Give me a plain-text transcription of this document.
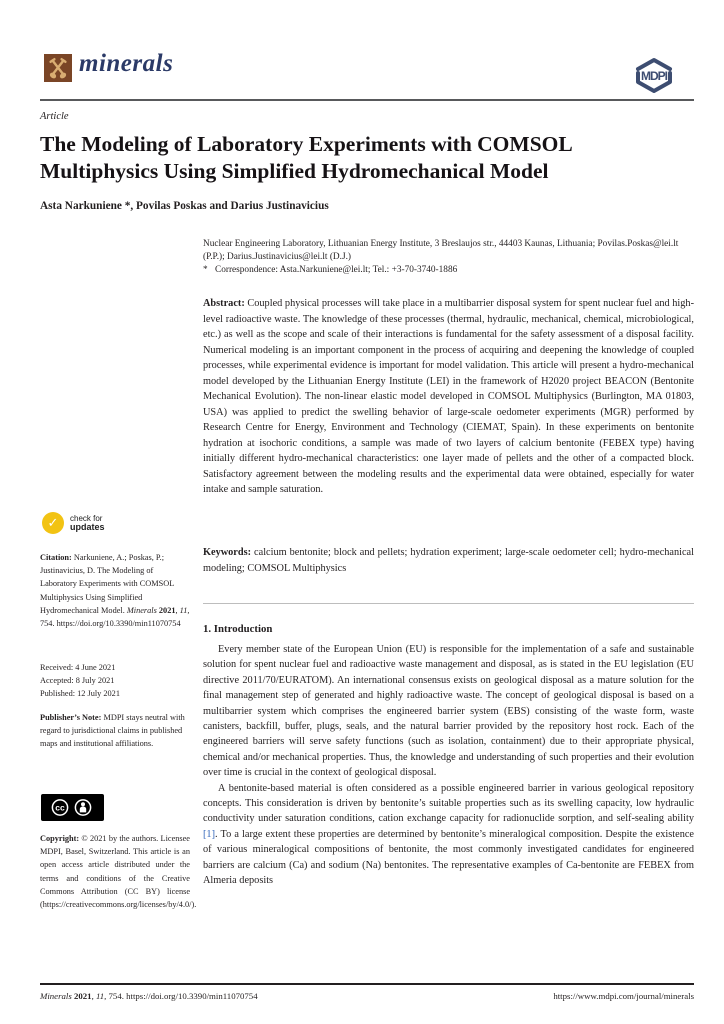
minerals	MDPI
Article
The Modeling of Laboratory Experiments with COMSOL Multiphysics Using Simplified Hydromechanical Model
Asta Narkuniene *, Povilas Poskas and Darius Justinavicius

Nuclear Engineering Laboratory, Lithuanian Energy Institute, 3 Breslaujos str., 44403 Kaunas, Lithuania; Povilas.Poskas@lei.lt (P.P.); Darius.Justinavicius@lei.lt (D.J.)

* Correspondence: Asta.Narkuniene@lei.lt; Tel.: +3-70-3740-1886
Abstract: Coupled physical processes will take place in a multibarrier disposal system for spent nuclear fuel and high-level radioactive waste. The knowledge of these processes (thermal, hydraulic, mechanical, chemical, microbiological, etc.) as well as the scope and scale of their interactions is fundamental for the safety assessment of a disposal facility. Numerical modeling is an important component in the process of acquiring and deepening the knowledge of coupled processes, while experimental evidence is important for model validation. This article will present a hydro-mechanical model developed by the Lithuanian Energy Institute (LEI) in the framework of H2020 project BEACON (Bentonite Mechanical Evolution). The non-linear elastic model developed in COMSOL Multiphysics (Burlington, MA 01803, USA) was applied to predict the swelling behavior of large-scale oedometer experiments (MGR) performed by Research Centre for Energy, Environment and Technology (CIEMAT, Spain). In these experiments on bentonite hydration at isochoric conditions, a sample was made of two layers of calcium bentonite (FEBEX type) having initially different hydro-mechanical characteristics: one layer made of pellets and the other of a compacted block. Satisfactory agreement between the modeling results and the experimental data were obtained, especially for water intake and sample saturation.
Keywords: calcium bentonite; block and pellets; hydration experiment; large-scale oedometer cell; hydro-mechanical modeling; COMSOL Multiphysics
✓	check for
updates
Citation: Narkuniene, A.; Poskas, P.; Justinavicius, D. The Modeling of Laboratory Experiments with COMSOL Multiphysics Using Simplified Hydromechanical Model. Minerals 2021, 11, 754. https://doi.org/10.3390/min11070754
Received: 4 June 2021
Accepted: 8 July 2021
Published: 12 July 2021
Publisher’s Note: MDPI stays neutral with regard to jurisdictional claims in published maps and institutional affiliations.
cc
Copyright: © 2021 by the authors. Licensee MDPI, Basel, Switzerland. This article is an open access article distributed under the terms and conditions of the Creative Commons Attribution (CC BY) license (https://creativecommons.org/licenses/by/4.0/).
1. Introduction

Every member state of the European Union (EU) is responsible for the implementation of a safe and sustainable solution for spent nuclear fuel and radioactive waste management and disposal, as is stated in the EU legislation (EU directive 2011/70/EURATOM). An international consensus exists on geological disposal as a mature solution for the final management step of generated and highly radioactive waste. The concept of geological disposal is based on a multibarrier system which comprises the engineered barrier system (EBS) consisting of the waste form, waste canisters, backfill, buffer, plugs, seals, and the natural barrier provided by the repository host rock. Each of the engineered barriers will serve safety functions (such as isolation, containment) due to their appropriate physical, chemical and/or mechanical properties. Thus, the knowledge and understanding of such properties and their evolution over time is crucial in the context of geological disposal.

A bentonite-based material is often considered as a possible engineered barrier in various geological repository concepts. This consideration is driven by bentonite’s suitable properties such as its swelling capacity, low hydraulic conductivity under saturation conditions, cation exchange capacity for radionuclide sorption, and self-sealing ability [1]. To a large extent these properties are determined by bentonite’s mineralogical composition. Despite the existence of various mineralogical compositions of bentonite, the most commonly investigated candidates for engineered barriers are calcium (Ca) and sodium (Na) bentonites. The representative examples of Ca-bentonite are FEBEX from Almeria deposits

Minerals 2021, 11, 754. https://doi.org/10.3390/min11070754	https://www.mdpi.com/journal/minerals
